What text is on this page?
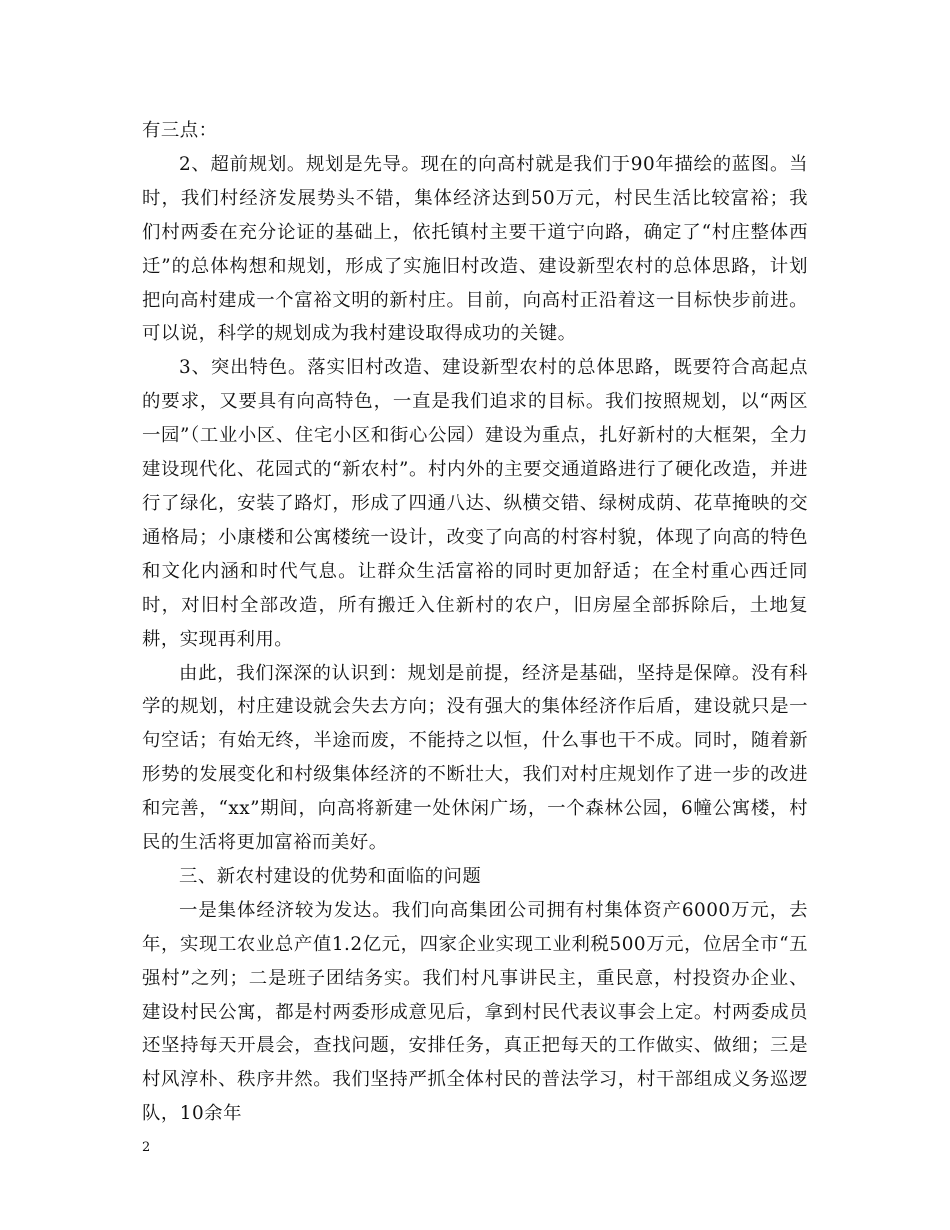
有三点：

2、超前规划。规划是先导。现在的向高村就是我们于90年描绘的蓝图。当时，我们村经济发展势头不错，集体经济达到50万元，村民生活比较富裕；我们村两委在充分论证的基础上，依托镇村主要干道宁向路，确定了“村庄整体西迁”的总体构想和规划，形成了实施旧村改造、建设新型农村的总体思路，计划把向高村建成一个富裕文明的新村庄。目前，向高村正沿着这一目标快步前进。可以说，科学的规划成为我村建设取得成功的关键。

3、突出特色。落实旧村改造、建设新型农村的总体思路，既要符合高起点的要求，又要具有向高特色，一直是我们追求的目标。我们按照规划，以“两区一园”（工业小区、住宅小区和街心公园）建设为重点，扎好新村的大框架，全力建设现代化、花园式的“新农村”。村内外的主要交通道路进行了硬化改造，并进行了绿化，安装了路灯，形成了四通八达、纵横交错、绿树成荫、花草掩映的交通格局；小康楼和公寓楼统一设计，改变了向高的村容村貌，体现了向高的特色和文化内涵和时代气息。让群众生活富裕的同时更加舒适；在全村重心西迁同时，对旧村全部改造，所有搬迁入住新村的农户，旧房屋全部拆除后，土地复耕，实现再利用。

由此，我们深深的认识到：规划是前提，经济是基础，坚持是保障。没有科学的规划，村庄建设就会失去方向；没有强大的集体经济作后盾，建设就只是一句空话；有始无终，半途而废，不能持之以恒，什么事也干不成。同时，随着新形势的发展变化和村级集体经济的不断壮大，我们对村庄规划作了进一步的改进和完善，“xx”期间，向高将新建一处休闲广场，一个森林公园，6幢公寓楼，村民的生活将更加富裕而美好。

三、新农村建设的优势和面临的问题

一是集体经济较为发达。我们向高集团公司拥有村集体资产6000万元，去年，实现工农业总产值1.2亿元，四家企业实现工业利税500万元，位居全市“五强村”之列；二是班子团结务实。我们村凡事讲民主，重民意，村投资办企业、建设村民公寓，都是村两委形成意见后，拿到村民代表议事会上定。村两委成员还坚持每天开晨会，查找问题，安排任务，真正把每天的工作做实、做细；三是村风淳朴、秩序井然。我们坚持严抓全体村民的普法学习，村干部组成义务巡逻队，10余年

2
